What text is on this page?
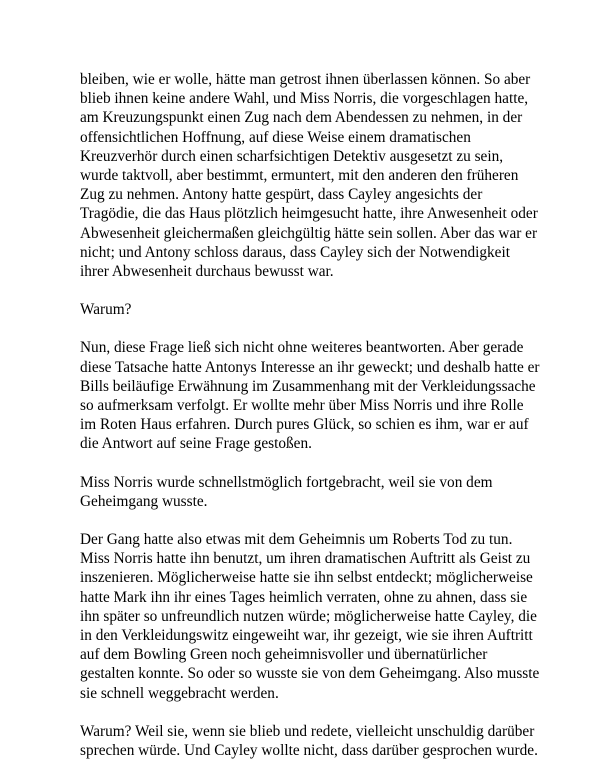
bleiben, wie er wolle, hätte man getrost ihnen überlassen können. So aber blieb ihnen keine andere Wahl, und Miss Norris, die vorgeschlagen hatte, am Kreuzungspunkt einen Zug nach dem Abendessen zu nehmen, in der offensichtlichen Hoffnung, auf diese Weise einem dramatischen Kreuzverhör durch einen scharfsichtigen Detektiv ausgesetzt zu sein, wurde taktvoll, aber bestimmt, ermuntert, mit den anderen den früheren Zug zu nehmen. Antony hatte gespürt, dass Cayley angesichts der Tragödie, die das Haus plötzlich heimgesucht hatte, ihre Anwesenheit oder Abwesenheit gleichermaßen gleichgültig hätte sein sollen. Aber das war er nicht; und Antony schloss daraus, dass Cayley sich der Notwendigkeit ihrer Abwesenheit durchaus bewusst war.

Warum?

Nun, diese Frage ließ sich nicht ohne weiteres beantworten. Aber gerade diese Tatsache hatte Antonys Interesse an ihr geweckt; und deshalb hatte er Bills beiläufige Erwähnung im Zusammenhang mit der Verkleidungssache so aufmerksam verfolgt. Er wollte mehr über Miss Norris und ihre Rolle im Roten Haus erfahren. Durch pures Glück, so schien es ihm, war er auf die Antwort auf seine Frage gestoßen.

Miss Norris wurde schnellstmöglich fortgebracht, weil sie von dem Geheimgang wusste.

Der Gang hatte also etwas mit dem Geheimnis um Roberts Tod zu tun. Miss Norris hatte ihn benutzt, um ihren dramatischen Auftritt als Geist zu inszenieren. Möglicherweise hatte sie ihn selbst entdeckt; möglicherweise hatte Mark ihn ihr eines Tages heimlich verraten, ohne zu ahnen, dass sie ihn später so unfreundlich nutzen würde; möglicherweise hatte Cayley, die in den Verkleidungswitz eingeweiht war, ihr gezeigt, wie sie ihren Auftritt auf dem Bowling Green noch geheimnisvoller und übernatürlicher gestalten konnte. So oder so wusste sie von dem Geheimgang. Also musste sie schnell weggebracht werden.

Warum? Weil sie, wenn sie blieb und redete, vielleicht unschuldig darüber sprechen würde. Und Cayley wollte nicht, dass darüber gesprochen wurde.
